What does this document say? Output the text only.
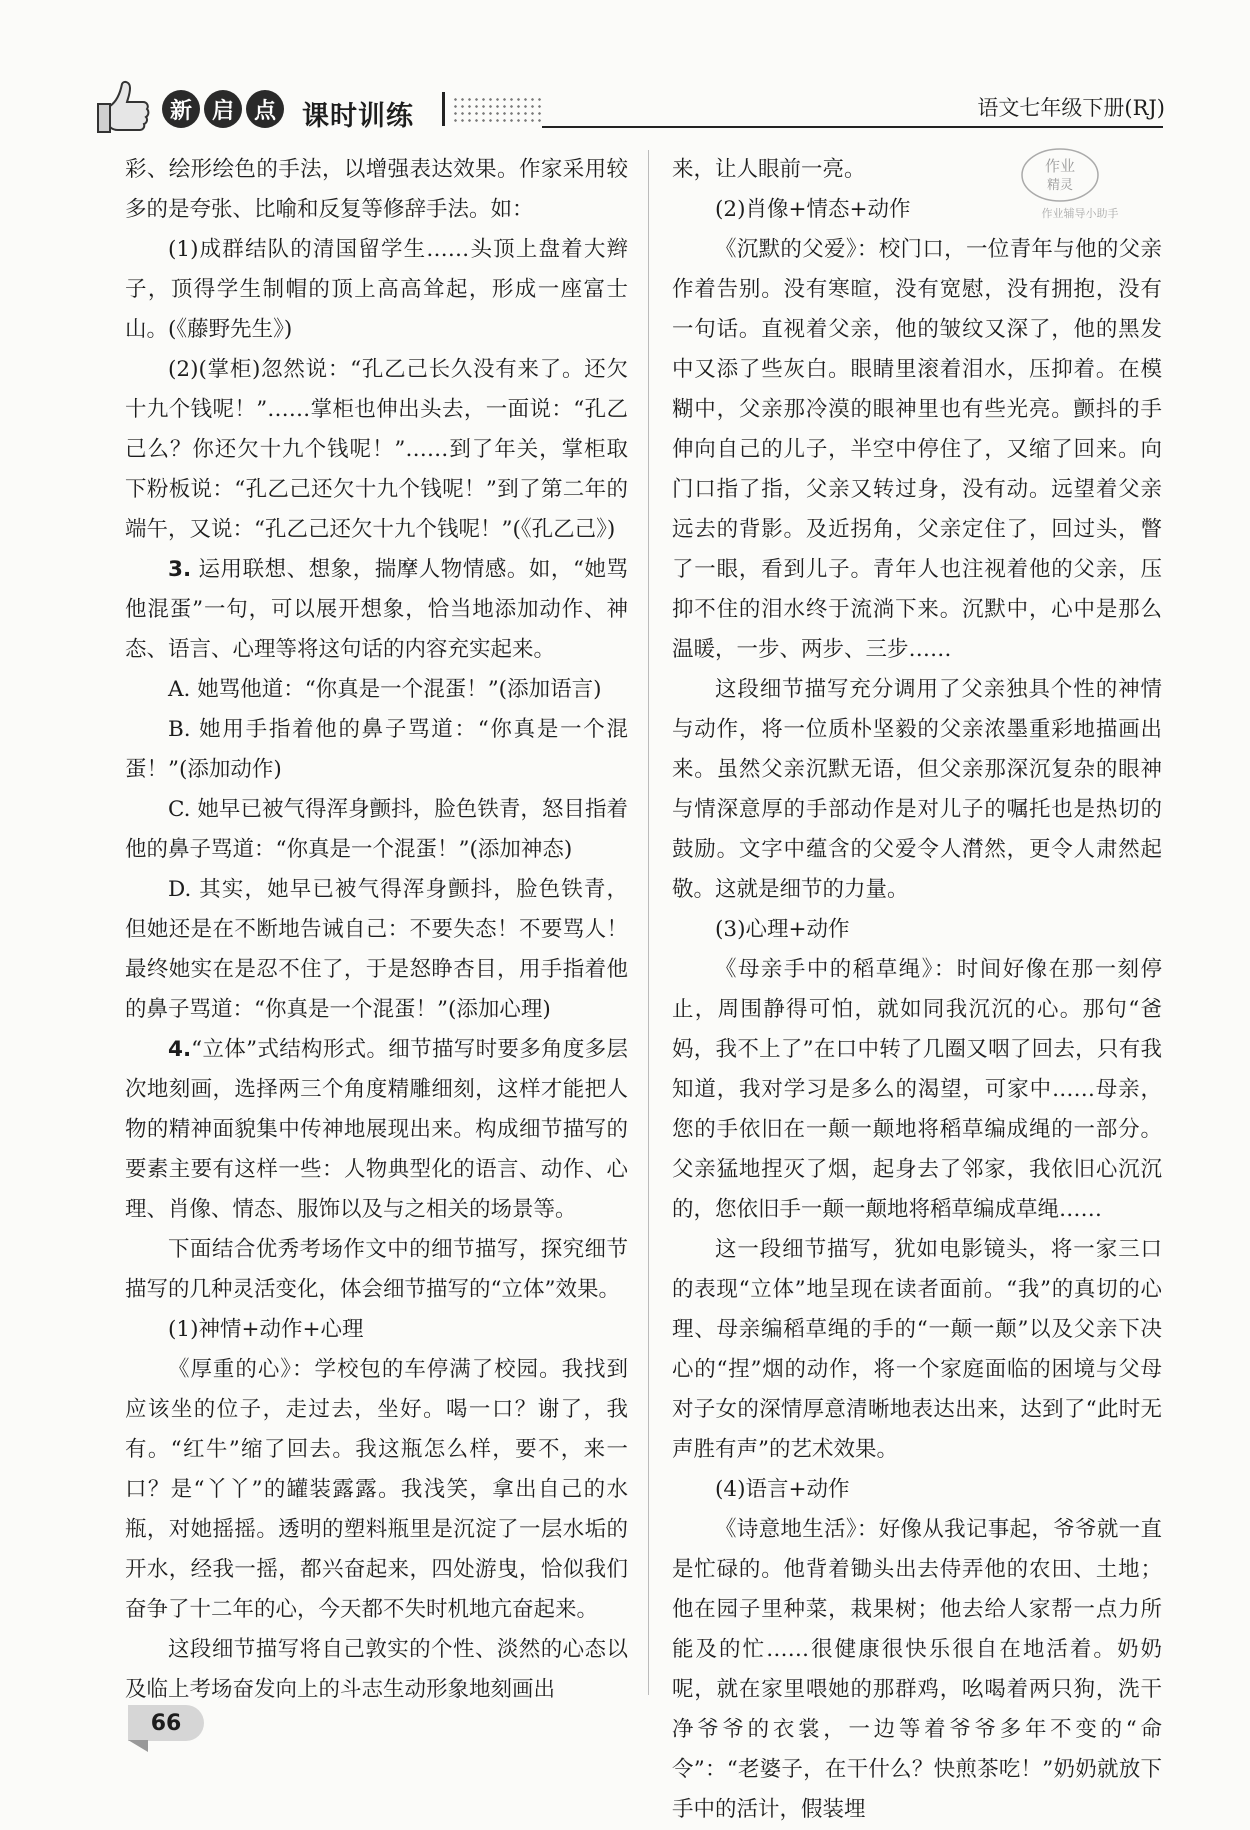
新 启 点 课时训练	语文七年级下册(RJ)
作业
精灵
作业辅导小助手

彩、绘形绘色的手法，以增强表达效果。作家采用较多的是夸张、比喻和反复等修辞手法。如：

(1)成群结队的清国留学生……头顶上盘着大辫子，顶得学生制帽的顶上高高耸起，形成一座富士山。(《藤野先生》)

(2)(掌柜)忽然说：“孔乙己长久没有来了。还欠十九个钱呢！”……掌柜也伸出头去，一面说：“孔乙己么？你还欠十九个钱呢！”……到了年关，掌柜取下粉板说：“孔乙己还欠十九个钱呢！”到了第二年的端午，又说：“孔乙己还欠十九个钱呢！”(《孔乙己》)

3. 运用联想、想象，揣摩人物情感。如，“她骂他混蛋”一句，可以展开想象，恰当地添加动作、神态、语言、心理等将这句话的内容充实起来。

A. 她骂他道：“你真是一个混蛋！”(添加语言)

B. 她用手指着他的鼻子骂道：“你真是一个混蛋！”(添加动作)

C. 她早已被气得浑身颤抖，脸色铁青，怒目指着他的鼻子骂道：“你真是一个混蛋！”(添加神态)

D. 其实，她早已被气得浑身颤抖，脸色铁青，但她还是在不断地告诫自己：不要失态！不要骂人！最终她实在是忍不住了，于是怒睁杏目，用手指着他的鼻子骂道：“你真是一个混蛋！”(添加心理)

4.“立体”式结构形式。细节描写时要多角度多层次地刻画，选择两三个角度精雕细刻，这样才能把人物的精神面貌集中传神地展现出来。构成细节描写的要素主要有这样一些：人物典型化的语言、动作、心理、肖像、情态、服饰以及与之相关的场景等。

下面结合优秀考场作文中的细节描写，探究细节描写的几种灵活变化，体会细节描写的“立体”效果。

(1)神情+动作+心理

《厚重的心》：学校包的车停满了校园。我找到应该坐的位子，走过去，坐好。喝一口？谢了，我有。“红牛”缩了回去。我这瓶怎么样，要不，来一口？是“丫丫”的罐装露露。我浅笑，拿出自己的水瓶，对她摇摇。透明的塑料瓶里是沉淀了一层水垢的开水，经我一摇，都兴奋起来，四处游曳，恰似我们奋争了十二年的心，今天都不失时机地亢奋起来。

这段细节描写将自己敦实的个性、淡然的心态以及临上考场奋发向上的斗志生动形象地刻画出

来，让人眼前一亮。

(2)肖像+情态+动作

《沉默的父爱》：校门口，一位青年与他的父亲作着告别。没有寒暄，没有宽慰，没有拥抱，没有一句话。直视着父亲，他的皱纹又深了，他的黑发中又添了些灰白。眼睛里滚着泪水，压抑着。在模糊中，父亲那冷漠的眼神里也有些光亮。颤抖的手伸向自己的儿子，半空中停住了，又缩了回来。向门口指了指，父亲又转过身，没有动。远望着父亲远去的背影。及近拐角，父亲定住了，回过头，瞥了一眼，看到儿子。青年人也注视着他的父亲，压抑不住的泪水终于流淌下来。沉默中，心中是那么温暖，一步、两步、三步……

这段细节描写充分调用了父亲独具个性的神情与动作，将一位质朴坚毅的父亲浓墨重彩地描画出来。虽然父亲沉默无语，但父亲那深沉复杂的眼神与情深意厚的手部动作是对儿子的嘱托也是热切的鼓励。文字中蕴含的父爱令人潸然，更令人肃然起敬。这就是细节的力量。

(3)心理+动作

《母亲手中的稻草绳》：时间好像在那一刻停止，周围静得可怕，就如同我沉沉的心。那句“爸妈，我不上了”在口中转了几圈又咽了回去，只有我知道，我对学习是多么的渴望，可家中……母亲，您的手依旧在一颠一颠地将稻草编成绳的一部分。父亲猛地捏灭了烟，起身去了邻家，我依旧心沉沉的，您依旧手一颠一颠地将稻草编成草绳……

这一段细节描写，犹如电影镜头，将一家三口的表现“立体”地呈现在读者面前。“我”的真切的心理、母亲编稻草绳的手的“一颠一颠”以及父亲下决心的“捏”烟的动作，将一个家庭面临的困境与父母对子女的深情厚意清晰地表达出来，达到了“此时无声胜有声”的艺术效果。

(4)语言+动作

《诗意地生活》：好像从我记事起，爷爷就一直是忙碌的。他背着锄头出去侍弄他的农田、土地；他在园子里种菜，栽果树；他去给人家帮一点力所能及的忙……很健康很快乐很自在地活着。奶奶呢，就在家里喂她的那群鸡，吆喝着两只狗，洗干净爷爷的衣裳，一边等着爷爷多年不变的“命令”：“老婆子，在干什么？快煎茶吃！”奶奶就放下手中的活计，假装埋

66
